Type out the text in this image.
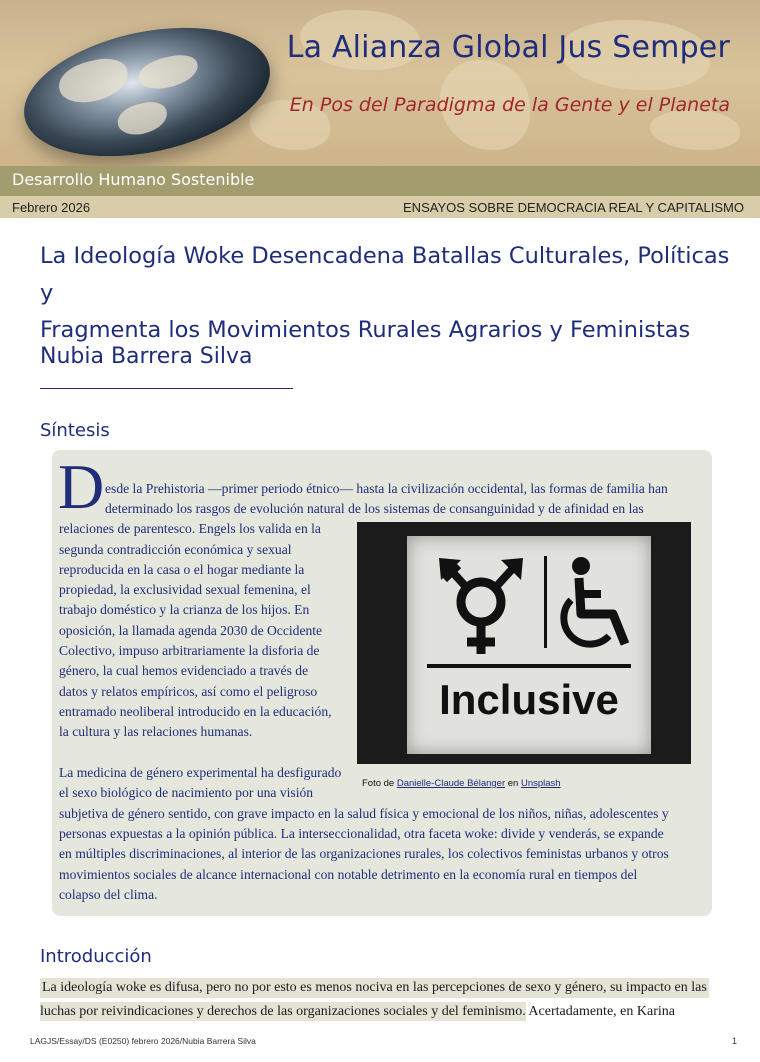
La Alianza Global Jus Semper
En Pos del Paradigma de la Gente y el Planeta
Desarrollo Humano Sostenible
Febrero 2026	ENSAYOS SOBRE DEMOCRACIA REAL Y CAPITALISMO
La Ideología Woke Desencadena Batallas Culturales, Políticas y
Fragmenta los Movimientos Rurales Agrarios y Feministas
Nubia Barrera Silva
Síntesis
D esde la Prehistoria —primer periodo étnico— hasta la civilización occidental, las formas de familia han
determinado los rasgos de evolución natural de los sistemas de consanguinidad y de afinidad en las
relaciones de parentesco. Engels los valida en la
segunda contradicción económica y sexual
reproducida en la casa o el hogar mediante la
propiedad, la exclusividad sexual femenina, el
trabajo doméstico y la crianza de los hijos. En
oposición, la llamada agenda 2030 de Occidente
Colectivo, impuso arbitrariamente la disforia de
género, la cual hemos evidenciado a través de
datos y relatos empíricos, así como el peligroso
entramado neoliberal introducido en la educación,
la cultura y las relaciones humanas.
La medicina de género experimental ha desfigurado
el sexo biológico de nacimiento por una visión
subjetiva de género sentido, con grave impacto en la salud física y emocional de los niños, niñas, adolescentes y
personas expuestas a la opinión pública. La interseccionalidad, otra faceta woke: divide y venderás, se expande
en múltiples discriminaciones, al interior de las organizaciones rurales, los colectivos feministas urbanos y otros
movimientos sociales de alcance internacional con notable detrimento en la economía rural en tiempos del
colapso del clima.
Inclusive
Foto de Danielle-Claude Bélanger en Unsplash
Introducción
La ideología woke es difusa, pero no por esto es menos nociva en las percepciones de sexo y género, su impacto en las
luchas por reivindicaciones y derechos de las organizaciones sociales y del feminismo. Acertadamente, en Karina
LAGJS/Essay/DS (E0250) febrero 2026/Nubia Barrera Silva	1
